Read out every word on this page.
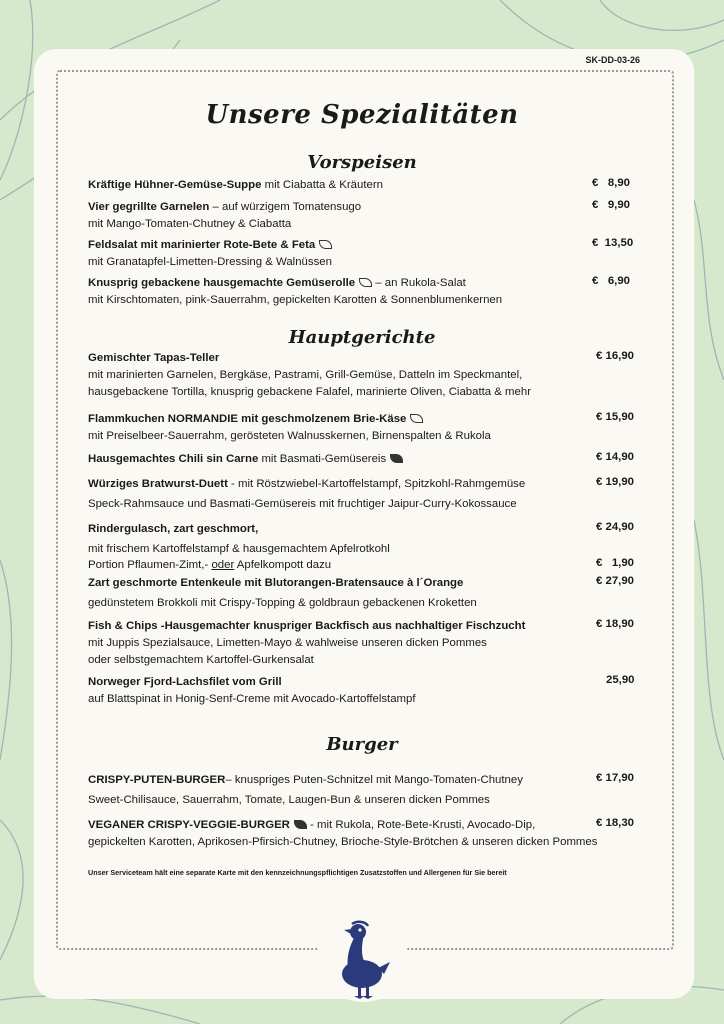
SK-DD-03-26
Unsere Spezialitäten
Vorspeisen
Kräftige Hühner-Gemüse-Suppe mit Ciabatta & Kräutern	€   8,90
Vier gegrillte Garnelen – auf würzigem Tomatensugo
mit Mango-Tomaten-Chutney & Ciabatta
€   9,90
Feldsalat mit marinierter Rote-Bete & Feta
mit Granatapfel-Limetten-Dressing & Walnüssen
€  13,50
Knusprig gebackene hausgemachte Gemüserolle – an Rukola-Salat
mit Kirschtomaten, pink-Sauerrahm, gepickelten Karotten & Sonnenblumenkernen
€   6,90
Hauptgerichte
Gemischter Tapas-Teller
mit marinierten Garnelen, Bergkäse, Pastrami, Grill-Gemüse, Datteln im Speckmantel,
hausgebackene Tortilla, knusprig gebackene Falafel, marinierte Oliven, Ciabatta & mehr
€ 16,90
Flammkuchen NORMANDIE mit geschmolzenem Brie-Käse
mit Preiselbeer-Sauerrahm, gerösteten Walnusskernen, Birnenspalten & Rukola
€ 15,90
Hausgemachtes Chili sin Carne mit Basmati-Gemüsereis	€ 14,90
Würziges Bratwurst-Duett - mit Röstzwiebel-Kartoffelstampf, Spitzkohl-Rahmgemüse
Speck-Rahmsauce und Basmati-Gemüsereis mit fruchtiger Jaipur-Curry-Kokossauce
€ 19,90
Rindergulasch, zart geschmort,
mit frischem Kartoffelstampf & hausgemachtem Apfelrotkohl
€ 24,90
Portion Pflaumen-Zimt,- oder Apfelkompott dazu	€   1,90
Zart geschmorte Entenkeule mit Blutorangen-Bratensauce à l´Orange
gedünstetem Brokkoli mit Crispy-Topping & goldbraun gebackenen Kroketten
€ 27,90
Fish & Chips -Hausgemachter knuspriger Backfisch aus nachhaltiger Fischzucht
mit Juppis Spezialsauce, Limetten-Mayo & wahlweise unseren dicken Pommes
oder selbstgemachtem Kartoffel-Gurkensalat
€ 18,90
Norweger Fjord-Lachsfilet vom Grill
auf Blattspinat in Honig-Senf-Creme mit Avocado-Kartoffelstampf
25,90
Burger
CRISPY-PUTEN-BURGER– knuspriges Puten-Schnitzel mit Mango-Tomaten-Chutney
Sweet-Chilisauce, Sauerrahm, Tomate, Laugen-Bun & unseren dicken Pommes
€ 17,90
VEGANER CRISPY-VEGGIE-BURGER - mit Rukola, Rote-Bete-Krusti, Avocado-Dip,
gepickelten Karotten, Aprikosen-Pfirsich-Chutney, Brioche-Style-Brötchen & unseren dicken Pommes
€ 18,30
Unser Serviceteam hält eine separate Karte mit den kennzeichnungspflichtigen Zusatzstoffen und Allergenen für Sie bereit
